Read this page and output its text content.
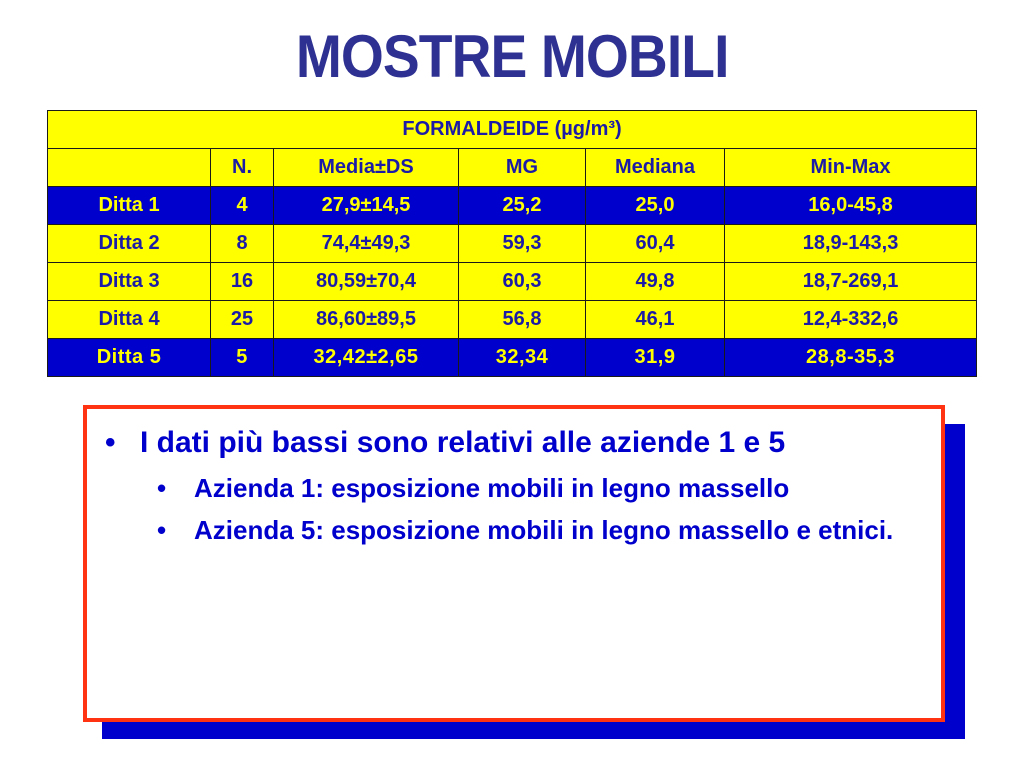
MOSTRE MOBILI
FORMALDEIDE (µg/m³)					
	N.	Media±DS	MG	Mediana	Min-Max
Ditta 1	4	27,9±14,5	25,2	25,0	16,0-45,8
Ditta 2	8	74,4±49,3	59,3	60,4	18,9-143,3
Ditta 3	16	80,59±70,4	60,3	49,8	18,7-269,1
Ditta 4	25	86,60±89,5	56,8	46,1	12,4-332,6
Ditta 5	5	32,42±2,65	32,34	31,9	28,8-35,3

• I dati più bassi sono relativi alle aziende 1 e 5

• Azienda 1: esposizione mobili in legno massello

• Azienda 5: esposizione mobili in legno massello e etnici.
